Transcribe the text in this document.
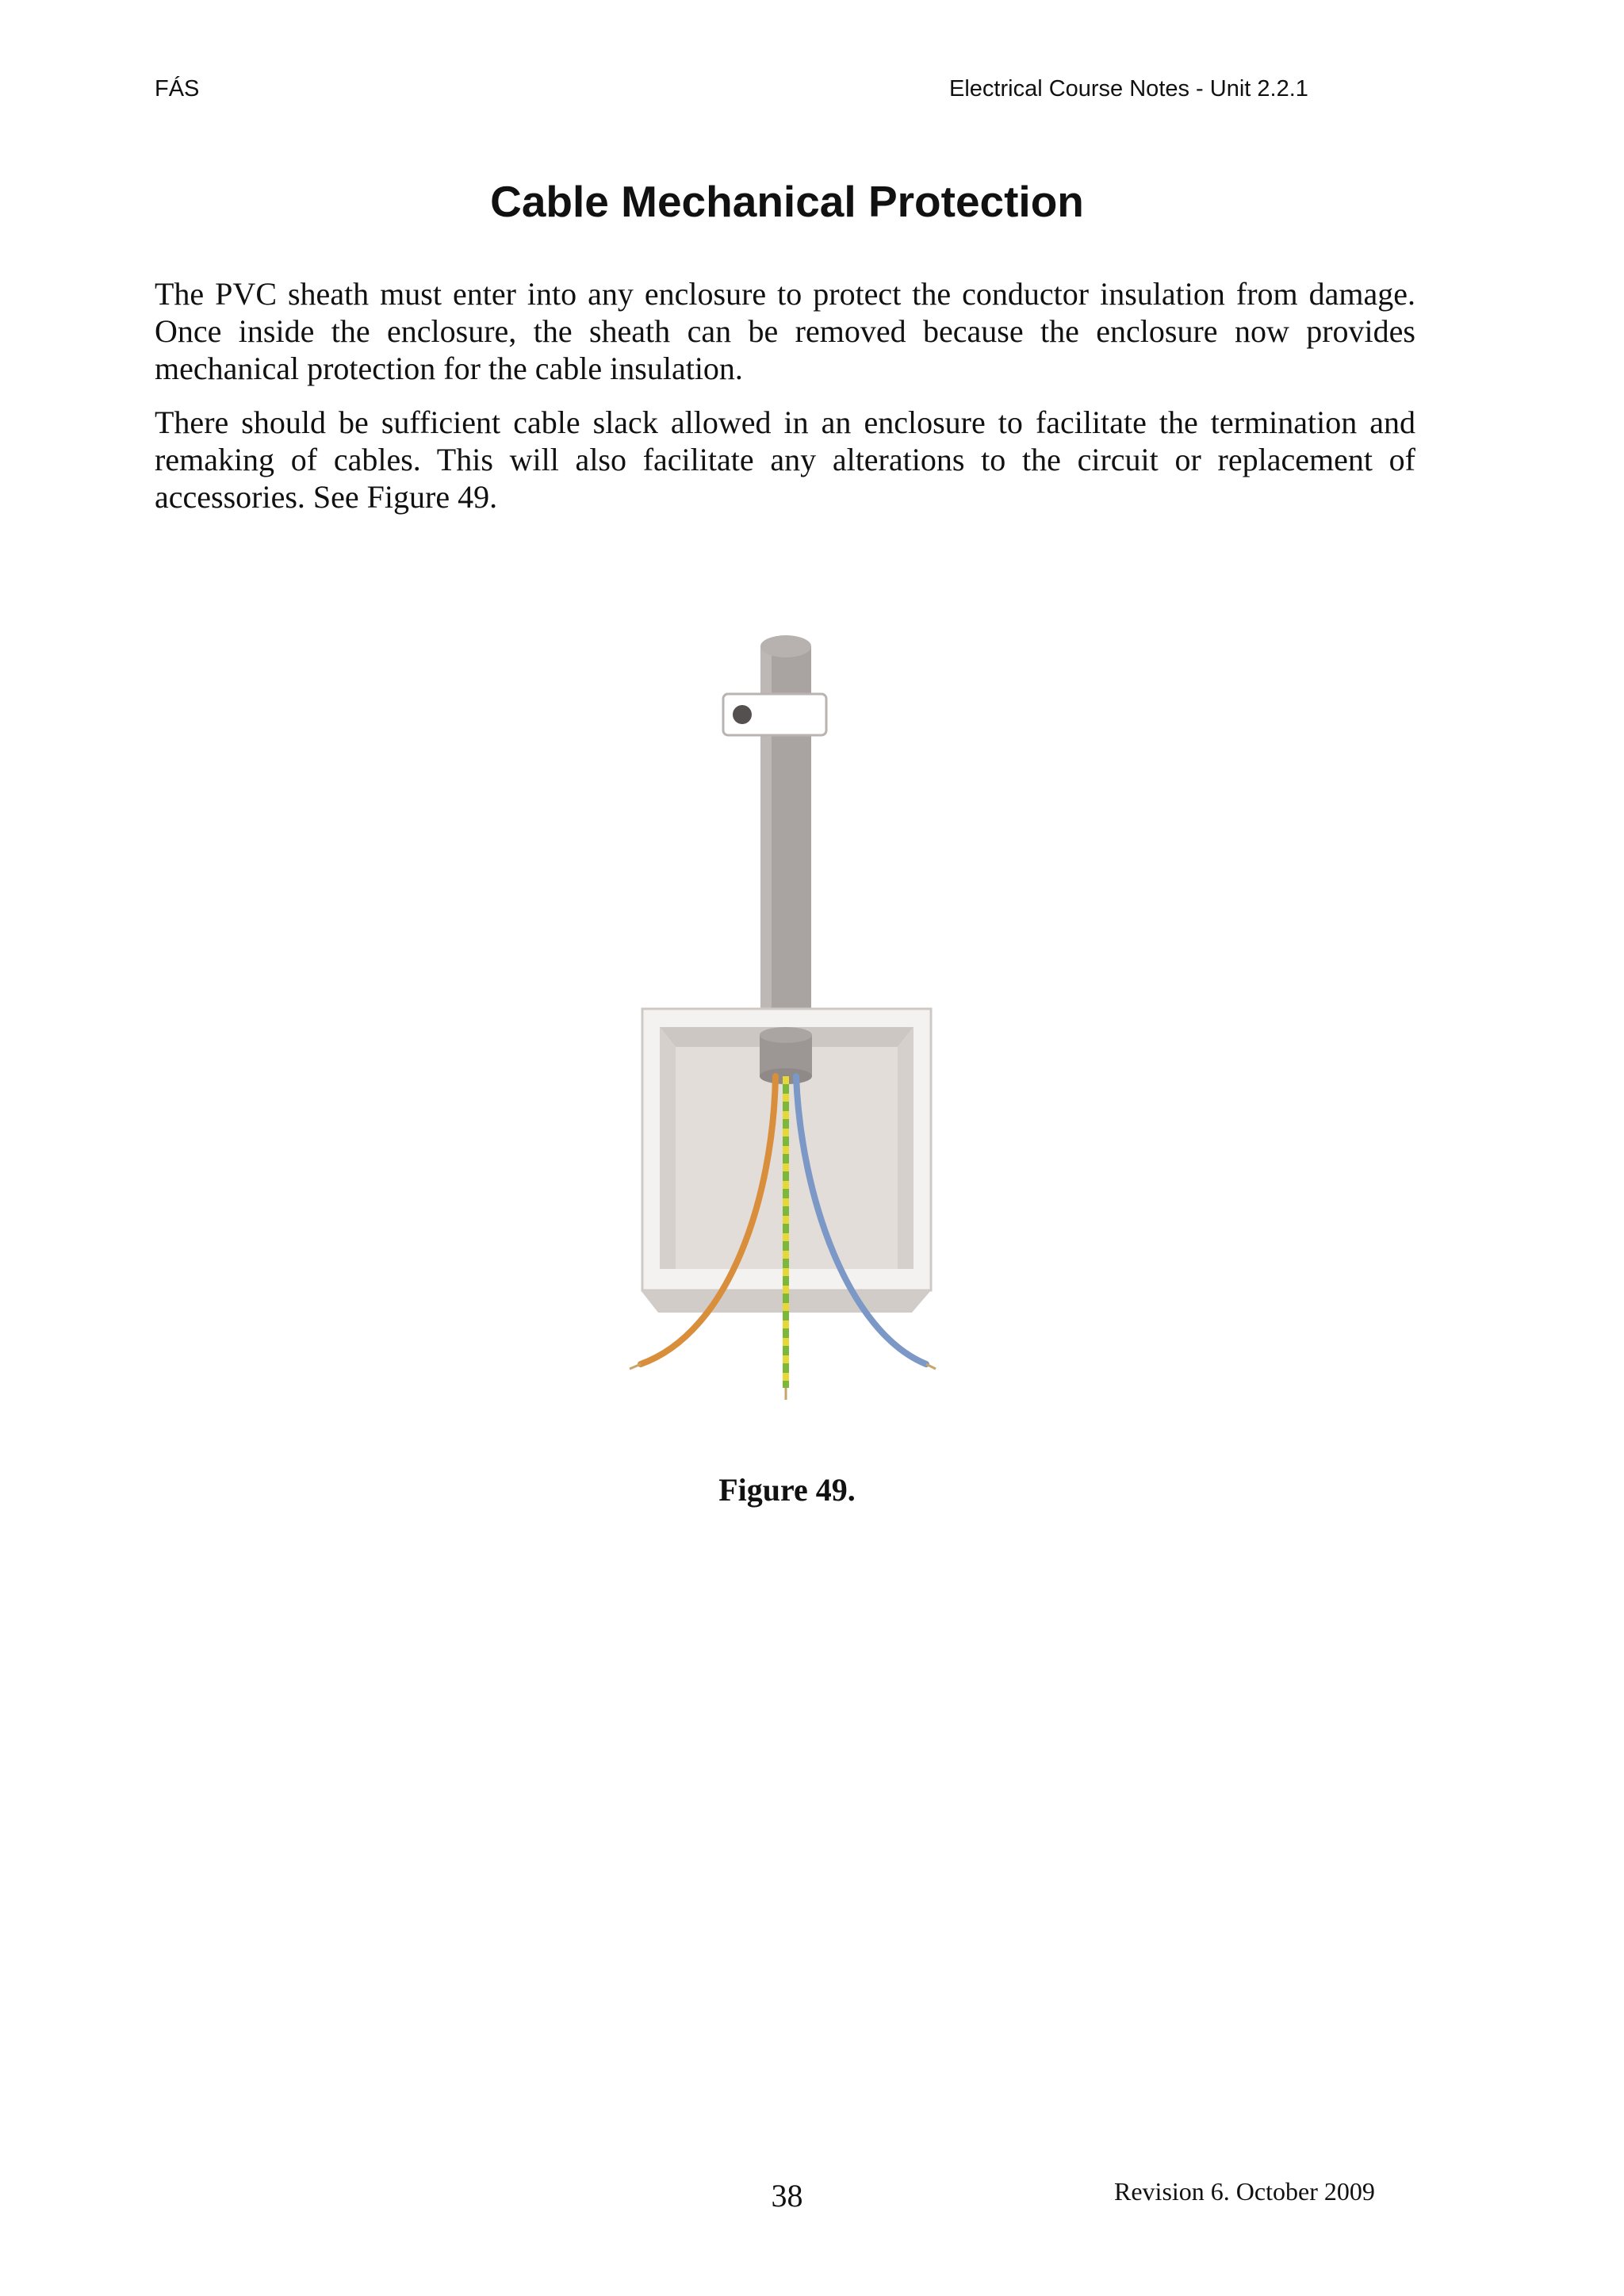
FÁS	Electrical Course Notes - Unit 2.2.1
Cable Mechanical Protection

The PVC sheath must enter into any enclosure to protect the conductor insulation from damage. Once inside the enclosure, the sheath can be removed because the enclosure now provides mechanical protection for the cable insulation.

There should be sufficient cable slack allowed in an enclosure to facilitate the termination and remaking of cables. This will also facilitate any alterations to the circuit or replacement of accessories. See Figure 49.

Figure 49.
38	Revision 6. October 2009
